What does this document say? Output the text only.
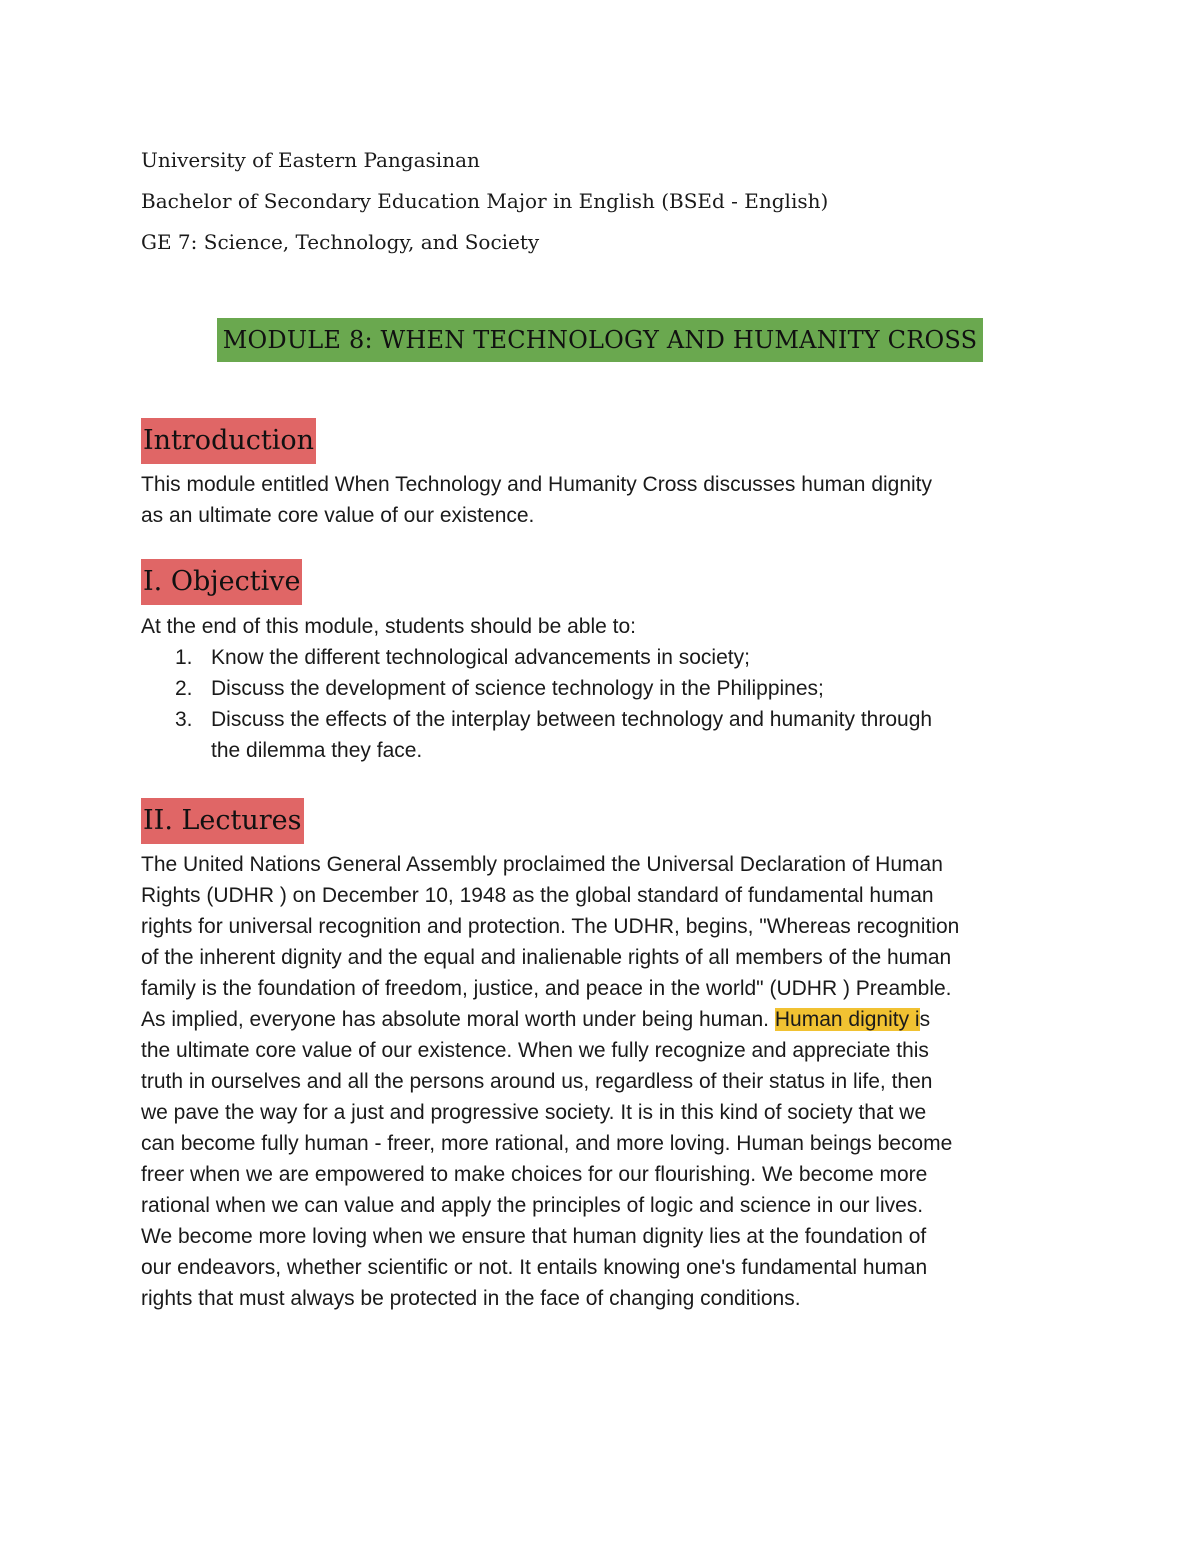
University of Eastern Pangasinan
Bachelor of Secondary Education Major in English (BSEd - English)
GE 7: Science, Technology, and Society
MODULE 8: WHEN TECHNOLOGY AND HUMANITY CROSS
Introduction

This module entitled When Technology and Humanity Cross discusses human dignity
as an ultimate core value of our existence.

I. Objective

At the end of this module, students should be able to:

1. Know the different technological advancements in society;
2. Discuss the development of science technology in the Philippines;
3. Discuss the effects of the interplay between technology and humanity through
the dilemma they face.
II. Lectures

The United Nations General Assembly proclaimed the Universal Declaration of Human
Rights (UDHR ) on December 10, 1948 as the global standard of fundamental human
rights for universal recognition and protection. The UDHR, begins, "Whereas recognition
of the inherent dignity and the equal and inalienable rights of all members of the human
family is the foundation of freedom, justice, and peace in the world" (UDHR ) Preamble.
As implied, everyone has absolute moral worth under being human. Human dignity is
the ultimate core value of our existence. When we fully recognize and appreciate this
truth in ourselves and all the persons around us, regardless of their status in life, then
we pave the way for a just and progressive society. It is in this kind of society that we
can become fully human - freer, more rational, and more loving. Human beings become
freer when we are empowered to make choices for our flourishing. We become more
rational when we can value and apply the principles of logic and science in our lives.
We become more loving when we ensure that human dignity lies at the foundation of
our endeavors, whether scientific or not. It entails knowing one's fundamental human
rights that must always be protected in the face of changing conditions.
